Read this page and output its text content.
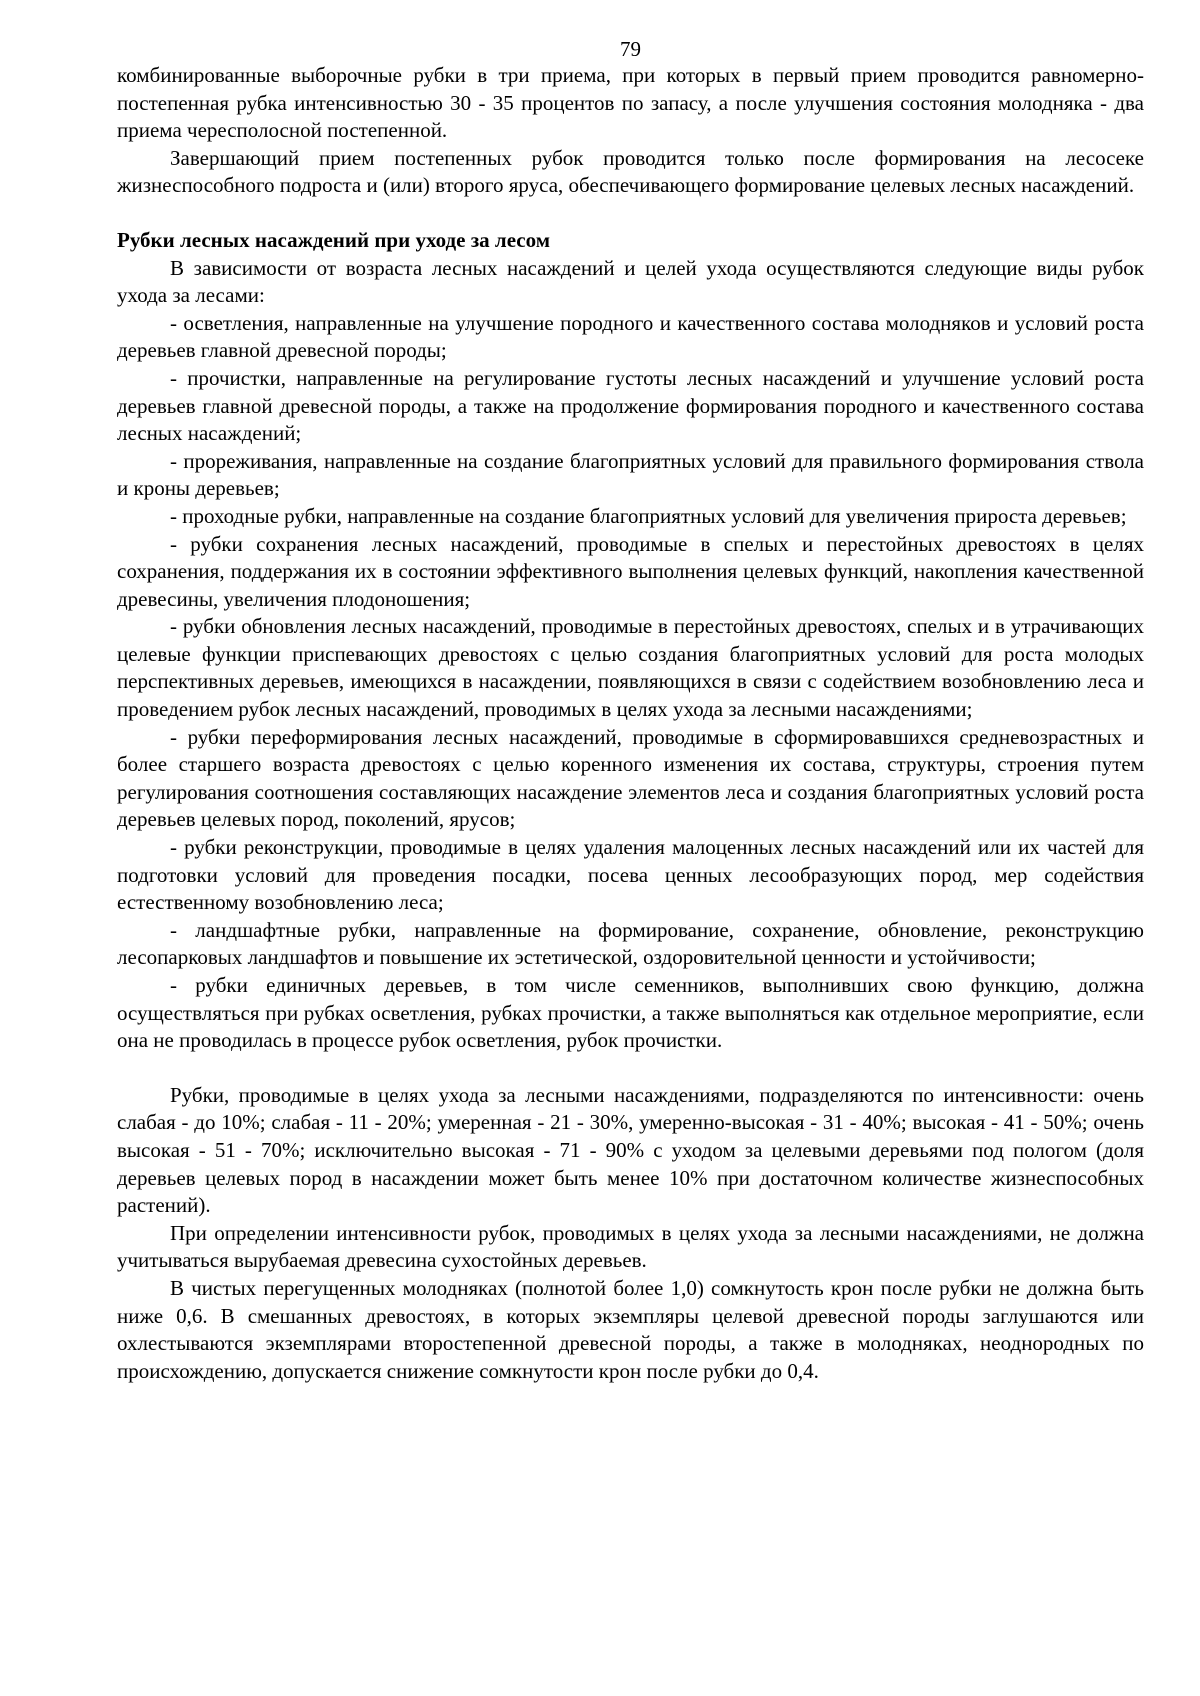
79

комбинированные выборочные рубки в три приема, при которых в первый прием проводится равномерно-постепенная рубка интенсивностью 30 - 35 процентов по запасу, а после улучшения состояния молодняка - два приема чересполосной постепенной.

Завершающий прием постепенных рубок проводится только после формирования на лесосеке жизнеспособного подроста и (или) второго яруса, обеспечивающего формирование целевых лесных насаждений.

Рубки лесных насаждений при уходе за лесом

В зависимости от возраста лесных насаждений и целей ухода осуществляются следующие виды рубок ухода за лесами:

- осветления, направленные на улучшение породного и качественного состава молодняков и условий роста деревьев главной древесной породы;

- прочистки, направленные на регулирование густоты лесных насаждений и улучшение условий роста деревьев главной древесной породы, а также на продолжение формирования породного и качественного состава лесных насаждений;

- прореживания, направленные на создание благоприятных условий для правильного формирования ствола и кроны деревьев;

- проходные рубки, направленные на создание благоприятных условий для увеличения прироста деревьев;

- рубки сохранения лесных насаждений, проводимые в спелых и перестойных древостоях в целях сохранения, поддержания их в состоянии эффективного выполнения целевых функций, накопления качественной древесины, увеличения плодоношения;

- рубки обновления лесных насаждений, проводимые в перестойных древостоях, спелых и в утрачивающих целевые функции приспевающих древостоях с целью создания благоприятных условий для роста молодых перспективных деревьев, имеющихся в насаждении, появляющихся в связи с содействием возобновлению леса и проведением рубок лесных насаждений, проводимых в целях ухода за лесными насаждениями;

- рубки переформирования лесных насаждений, проводимые в сформировавшихся средневозрастных и более старшего возраста древостоях с целью коренного изменения их состава, структуры, строения путем регулирования соотношения составляющих насаждение элементов леса и создания благоприятных условий роста деревьев целевых пород, поколений, ярусов;

- рубки реконструкции, проводимые в целях удаления малоценных лесных насаждений или их частей для подготовки условий для проведения посадки, посева ценных лесообразующих пород, мер содействия естественному возобновлению леса;

- ландшафтные рубки, направленные на формирование, сохранение, обновление, реконструкцию лесопарковых ландшафтов и повышение их эстетической, оздоровительной ценности и устойчивости;

- рубки единичных деревьев, в том числе семенников, выполнивших свою функцию, должна осуществляться при рубках осветления, рубках прочистки, а также выполняться как отдельное мероприятие, если она не проводилась в процессе рубок осветления, рубок прочистки.

Рубки, проводимые в целях ухода за лесными насаждениями, подразделяются по интенсивности: очень слабая - до 10%; слабая - 11 - 20%; умеренная - 21 - 30%, умеренно-высокая - 31 - 40%; высокая - 41 - 50%; очень высокая - 51 - 70%; исключительно высокая - 71 - 90% с уходом за целевыми деревьями под пологом (доля деревьев целевых пород в насаждении может быть менее 10% при достаточном количестве жизнеспособных растений).

При определении интенсивности рубок, проводимых в целях ухода за лесными насаждениями, не должна учитываться вырубаемая древесина сухостойных деревьев.

В чистых перегущенных молодняках (полнотой более 1,0) сомкнутость крон после рубки не должна быть ниже 0,6. В смешанных древостоях, в которых экземпляры целевой древесной породы заглушаются или охлестываются экземплярами второстепенной древесной породы, а также в молодняках, неоднородных по происхождению, допускается снижение сомкнутости крон после рубки до 0,4.
